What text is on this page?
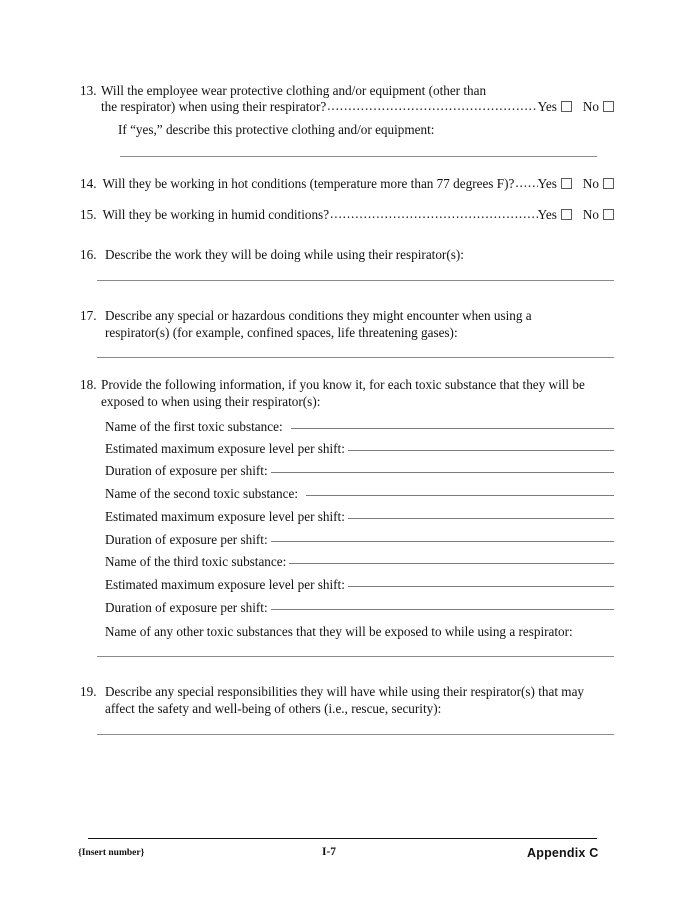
13. Will the employee wear protective clothing and/or equipment (other than
the respirator) when using their respirator? .....	Yes No
If “yes,” describe this protective clothing and/or equipment:
14. Will they be working in hot conditions (temperature more than 77 degrees F)? ..... Yes No
15. Will they be working in humid conditions? .....	Yes No
16. Describe the work they will be doing while using their respirator(s):
17. Describe any special or hazardous conditions they might encounter when using a
respirator(s) (for example, confined spaces, life threatening gases):
18. Provide the following information, if you know it, for each toxic substance that they will be
exposed to when using their respirator(s):
Name of the first toxic substance:
Estimated maximum exposure level per shift:
Duration of exposure per shift:
Name of the second toxic substance:
Estimated maximum exposure level per shift:
Duration of exposure per shift:
Name of the third toxic substance:
Estimated maximum exposure level per shift:
Duration of exposure per shift:
Name of any other toxic substances that they will be exposed to while using a respirator:
19. Describe any special responsibilities they will have while using their respirator(s) that may
affect the safety and well-being of others (i.e., rescue, security):
{Insert number}	I-7	Appendix C
